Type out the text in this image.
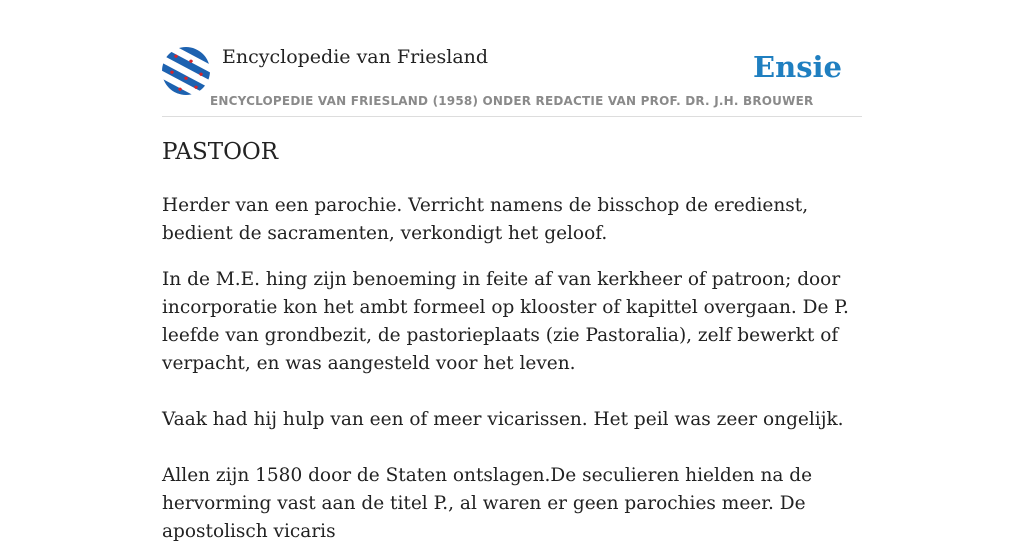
Encyclopedie van Friesland
ENCYCLOPEDIE VAN FRIESLAND (1958) ONDER REDACTIE VAN PROF. DR. J.H. BROUWER
Ensie
PASTOOR

Herder van een parochie. Verricht namens de bisschop de eredienst, bedient de sacramenten, verkondigt het geloof.

In de M.E. hing zijn benoeming in feite af van kerkheer of patroon; door incorporatie kon het ambt formeel op klooster of kapittel overgaan. De P. leefde van grondbezit, de pastorieplaats (zie Pastoralia), zelf bewerkt of verpacht, en was aangesteld voor het leven.

Vaak had hij hulp van een of meer vicarissen. Het peil was zeer ongelijk.

Allen zijn 1580 door de Staten ontslagen.De seculieren hielden na de hervorming vast aan de titel P., al waren er geen parochies meer. De apostolisch vicaris
